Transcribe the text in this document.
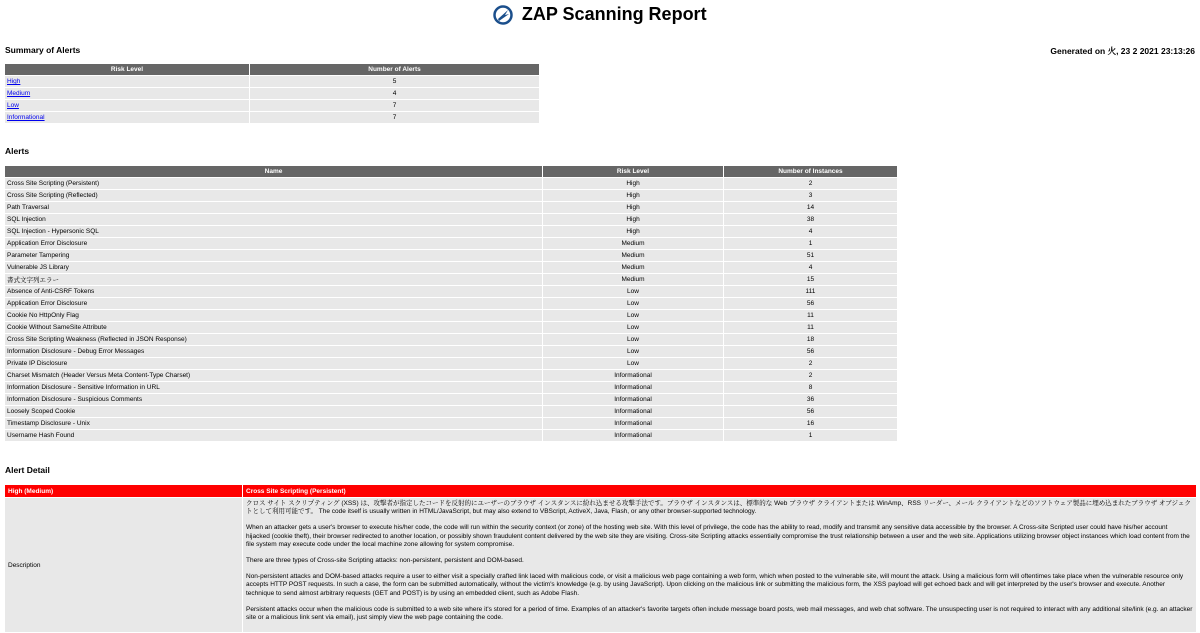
ZAP Scanning Report
Summary of Alerts	Generated on 火, 23 2 2021 23:13:26
Risk Level	Number of Alerts
High	5
Medium	4
Low	7
Informational	7
Alerts
Name	Risk Level	Number of Instances
Cross Site Scripting (Persistent)	High	2
Cross Site Scripting (Reflected)	High	3
Path Traversal	High	14
SQL Injection	High	38
SQL Injection - Hypersonic SQL	High	4
Application Error Disclosure	Medium	1
Parameter Tampering	Medium	51
Vulnerable JS Library	Medium	4
書式文字列エラー	Medium	15
Absence of Anti-CSRF Tokens	Low	111
Application Error Disclosure	Low	56
Cookie No HttpOnly Flag	Low	11
Cookie Without SameSite Attribute	Low	11
Cross Site Scripting Weakness (Reflected in JSON Response)	Low	18
Information Disclosure - Debug Error Messages	Low	56
Private IP Disclosure	Low	2
Charset Mismatch (Header Versus Meta Content-Type Charset)	Informational	2
Information Disclosure - Sensitive Information in URL	Informational	8
Information Disclosure - Suspicious Comments	Informational	36
Loosely Scoped Cookie	Informational	56
Timestamp Disclosure - Unix	Informational	16
Username Hash Found	Informational	1
Alert Detail
High (Medium)	Cross Site Scripting (Persistent)
Description	クロス サイト スクリプティング (XSS) は、攻撃者が指定したコードを反射的にユーザーのブラウザ インスタンスに紛れ込ませる攻撃手法です。ブラウザ インスタンスは、標準的な Web ブラウザ クライアントまたは WinAmp、RSS リーダー、メール クライアントなどのソフトウェア製品に埋め込まれたブラウザ オブジェクトとして利用可能です。 The code itself is usually written in HTML/JavaScript, but may also extend to VBScript, ActiveX, Java, Flash, or any other browser-supported technology.

When an attacker gets a user's browser to execute his/her code, the code will run within the security context (or zone) of the hosting web site. With this level of privilege, the code has the ability to read, modify and transmit any sensitive data accessible by the browser. A Cross-site Scripted user could have his/her account hijacked (cookie theft), their browser redirected to another location, or possibly shown fraudulent content delivered by the web site they are visiting. Cross-site Scripting attacks essentially compromise the trust relationship between a user and the web site. Applications utilizing browser object instances which load content from the file system may execute code under the local machine zone allowing for system compromise.

There are three types of Cross-site Scripting attacks: non-persistent, persistent and DOM-based.

Non-persistent attacks and DOM-based attacks require a user to either visit a specially crafted link laced with malicious code, or visit a malicious web page containing a web form, which when posted to the vulnerable site, will mount the attack. Using a malicious form will oftentimes take place when the vulnerable resource only accepts HTTP POST requests. In such a case, the form can be submitted automatically, without the victim's knowledge (e.g. by using JavaScript). Upon clicking on the malicious link or submitting the malicious form, the XSS payload will get echoed back and will get interpreted by the user's browser and execute. Another technique to send almost arbitrary requests (GET and POST) is by using an embedded client, such as Adobe Flash.

Persistent attacks occur when the malicious code is submitted to a web site where it's stored for a period of time. Examples of an attacker's favorite targets often include message board posts, web mail messages, and web chat software. The unsuspecting user is not required to interact with any additional site/link (e.g. an attacker site or a malicious link sent via email), just simply view the web page containing the code.
